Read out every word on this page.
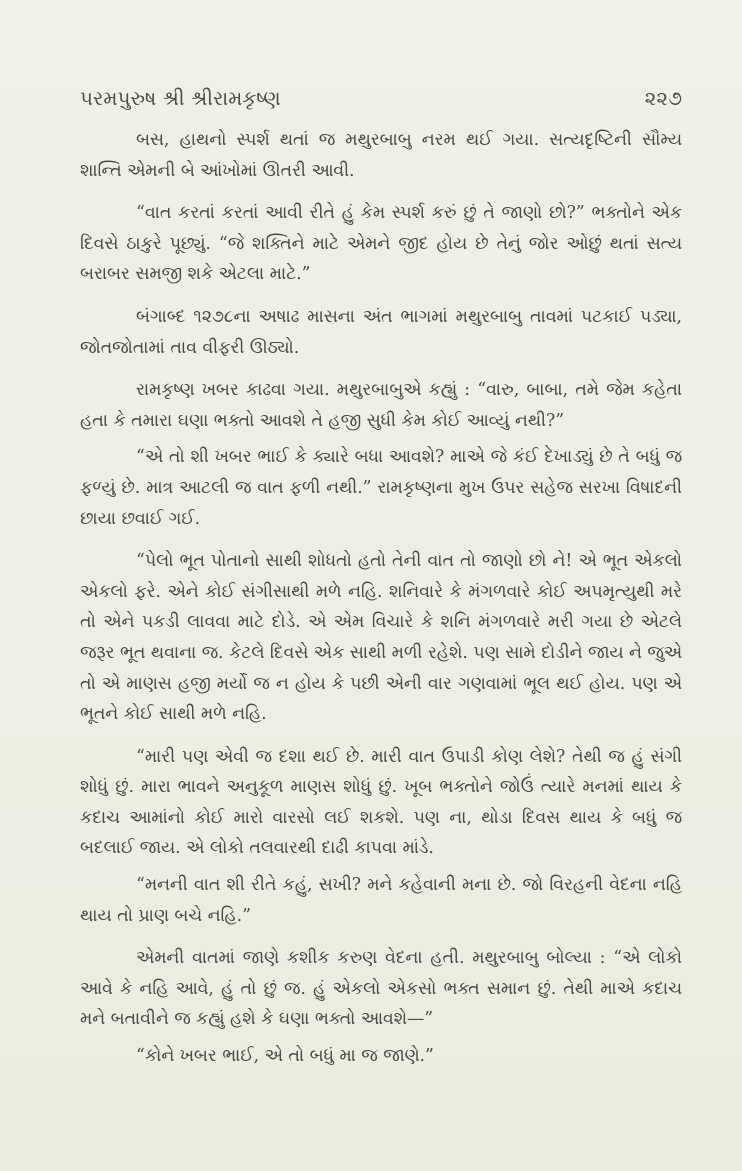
પરમપુરુષ શ્રી શ્રીરામકૃષ્ણ	૨૨૭

બસ, હાથનો સ્પર્શ થતાં જ મથુરબાબુ નરમ થઈ ગયા. સત્યદૃષ્ટિની સૌમ્ય શાન્તિ એમની બે આંખોમાં ઊતરી આવી.

“વાત કરતાં કરતાં આવી રીતે હું કેમ સ્પર્શ કરું છું તે જાણો છો?” ભક્તોને એક દિવસે ઠાકુરે પૂછ્યું. “જે શક્તિને માટે એમને જીદ હોય છે તેનું જોર ઓછું થતાં સત્ય બરાબર સમજી શકે એટલા માટે.”

બંગાબ્દ ૧૨૭૮ના અષાઢ માસના અંત ભાગમાં મથુરબાબુ તાવમાં પટકાઈ પડ્યા, જોતજોતામાં તાવ વીફરી ઊઠ્યો.

રામકૃષ્ણ ખબર કાઢવા ગયા. મથુરબાબુએ કહ્યું : “વારુ, બાબા, તમે જેમ કહેતા હતા કે તમારા ઘણા ભક્તો આવશે તે હજી સુધી કેમ કોઈ આવ્યું નથી?”

“એ તો શી ખબર ભાઈ કે ક્યારે બધા આવશે? માએ જે કંઈ દેખાડ્યું છે તે બધું જ ફળ્યું છે. માત્ર આટલી જ વાત ફળી નથી.” રામકૃષ્ણના મુખ ઉપર સહેજ સરખા વિષાદની છાયા છવાઈ ગઈ.

“પેલો ભૂત પોતાનો સાથી શોધતો હતો તેની વાત તો જાણો છો ને! એ ભૂત એકલો એકલો ફરે. એને કોઈ સંગીસાથી મળે નહિ. શનિવારે કે મંગળવારે કોઈ અપમૃત્યુથી મરે તો એને પકડી લાવવા માટે દોડે. એ એમ વિચારે કે શનિ મંગળવારે મરી ગયા છે એટલે જરૂર ભૂત થવાના જ. કેટલે દિવસે એક સાથી મળી રહેશે. પણ સામે દોડીને જાય ને જુએ તો એ માણસ હજી મર્યો જ ન હોય કે પછી એની વાર ગણવામાં ભૂલ થઈ હોય. પણ એ ભૂતને કોઈ સાથી મળે નહિ.

“મારી પણ એવી જ દશા થઈ છે. મારી વાત ઉપાડી કોણ લેશે? તેથી જ હું સંગી શોધું છું. મારા ભાવને અનુકૂળ માણસ શોધું છું. ખૂબ ભક્તોને જોઉં ત્યારે મનમાં થાય કે કદાચ આમાંનો કોઈ મારો વારસો લઈ શકશે. પણ ના, થોડા દિવસ થાય કે બધું જ બદલાઈ જાય. એ લોકો તલવારથી દાઢી કાપવા માંડે.

“મનની વાત શી રીતે કહું, સખી? મને કહેવાની મના છે. જો વિરહની વેદના નહિ થાય તો પ્રાણ બચે નહિ.”

એમની વાતમાં જાણે કશીક કરુણ વેદના હતી. મથુરબાબુ બોલ્યા : “એ લોકો આવે કે નહિ આવે, હું તો છું જ. હું એકલો એકસો ભક્ત સમાન છું. તેથી માએ કદાચ મને બતાવીને જ કહ્યું હશે કે ઘણા ભક્તો આવશે—”

“કોને ખબર ભાઈ, એ તો બધું મા જ જાણે.”
